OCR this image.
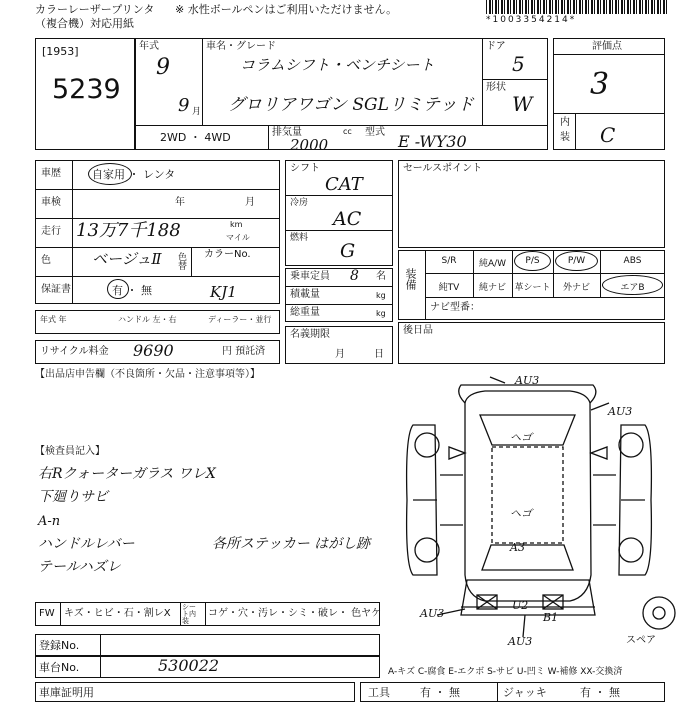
カラーレーザープリンタ
（複合機）対応用紙
※ 水性ボールペンはご利用いただけません。
*1003354214*
[1953]
5239
年式
9
9 月
車名・グレード
コラムシフト・ベンチシート
グロリアワゴン SGLリミテッド
ドア
5
形状
W
2WD ・ 4WD	排気量	cc
2000
型式 E -WY30
評価点
3
内
装 C
車歴	自家用 ・ レンタ
車検	年	月
走行 13万7千188	km
マイル
色	ベージュⅡ 色替 カラーNo.
保証書	有 ・ 無	KJ1
年式 年	ハンドル 左・右	ディーラー・並行
リサイクル料金 9690	円 預託済
シフト
CAT
冷房
AC
燃料
G
乗車定員 8 名
積載量	kg
総重量	kg
名義期限
月	日
セールスポイント
装備
S/R	純A/W	P/S	P/W	ABS
純TV	純ナビ 革シート	外ナビ	エアB
ナビ型番：
後日品
【出品店申告欄（不良箇所・欠品・注意事項等）】
【検査員記入】
右Rクォーターガラス ワレX
下廻りサビ
A-n
ハンドルレバー	各所ステッカー はがし跡
テールハズレ
AU3
AU3
ヘゴ
ヘゴ
A3
AU3
U2
B1
AU3	スペア
FW キズ・ヒビ・石・割レX
シート内装
コゲ・穴・汚レ・シミ・破レ・ 色ヤケ
登録No.
車台No.	530022	A-キズ C-腐食 E-エクボ S-サビ U-凹ミ W-補修 XX-交換済
車庫証明用	工具	有 ・ 無	ジャッキ	有 ・ 無
